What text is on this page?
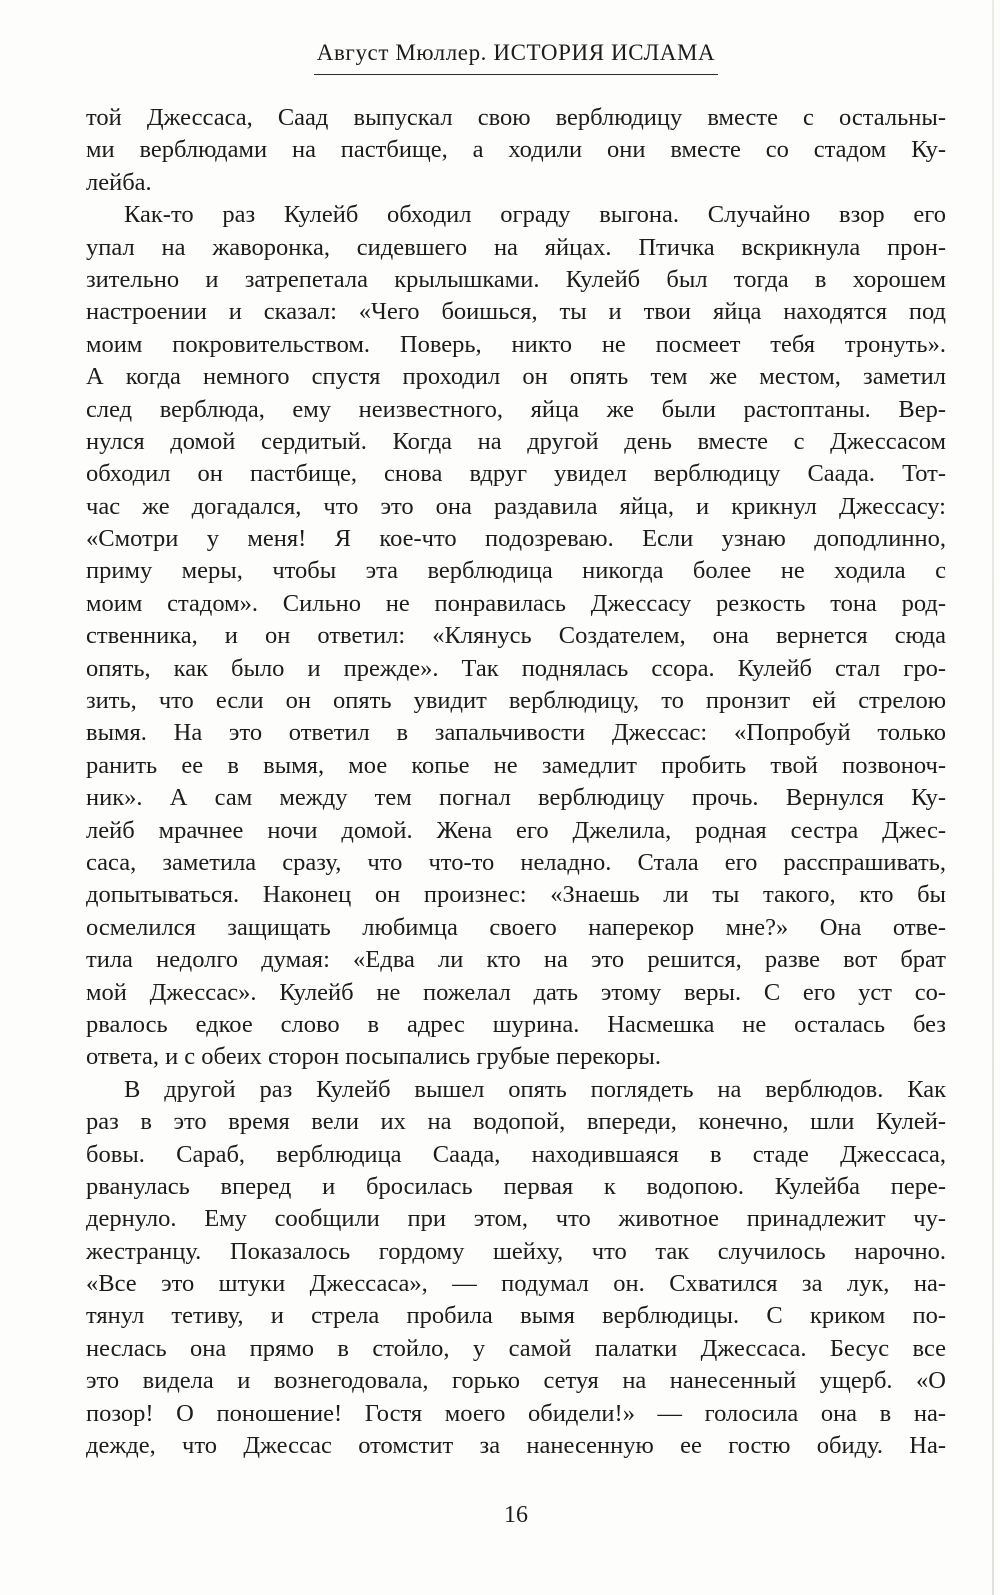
Август Мюллер. ИСТОРИЯ ИСЛАМА
той Джессаса, Саад выпускал свою верблюдицу вместе с остальны-
ми верблюдами на пастбище, а ходили они вместе со стадом Ку-
лейба.
Как-то раз Кулейб обходил ограду выгона. Случайно взор его
упал на жаворонка, сидевшего на яйцах. Птичка вскрикнула прон-
зительно и затрепетала крылышками. Кулейб был тогда в хорошем
настроении и сказал: «Чего боишься, ты и твои яйца находятся под
моим покровительством. Поверь, никто не посмеет тебя тронуть».
А когда немного спустя проходил он опять тем же местом, заметил
след верблюда, ему неизвестного, яйца же были растоптаны. Вер-
нулся домой сердитый. Когда на другой день вместе с Джессасом
обходил он пастбище, снова вдруг увидел верблюдицу Саада. Тот-
час же догадался, что это она раздавила яйца, и крикнул Джессасу:
«Смотри у меня! Я кое-что подозреваю. Если узнаю доподлинно,
приму меры, чтобы эта верблюдица никогда более не ходила с
моим стадом». Сильно не понравилась Джессасу резкость тона род-
ственника, и он ответил: «Клянусь Создателем, она вернется сюда
опять, как было и прежде». Так поднялась ссора. Кулейб стал гро-
зить, что если он опять увидит верблюдицу, то пронзит ей стрелою
вымя. На это ответил в запальчивости Джессас: «Попробуй только
ранить ее в вымя, мое копье не замедлит пробить твой позвоноч-
ник». А сам между тем погнал верблюдицу прочь. Вернулся Ку-
лейб мрачнее ночи домой. Жена его Джелила, родная сестра Джес-
саса, заметила сразу, что что-то неладно. Стала его расспрашивать,
допытываться. Наконец он произнес: «Знаешь ли ты такого, кто бы
осмелился защищать любимца своего наперекор мне?» Она отве-
тила недолго думая: «Едва ли кто на это решится, разве вот брат
мой Джессас». Кулейб не пожелал дать этому веры. С его уст со-
рвалось едкое слово в адрес шурина. Насмешка не осталась без
ответа, и с обеих сторон посыпались грубые перекоры.
В другой раз Кулейб вышел опять поглядеть на верблюдов. Как
раз в это время вели их на водопой, впереди, конечно, шли Кулей-
бовы. Сараб, верблюдица Саада, находившаяся в стаде Джессаса,
рванулась вперед и бросилась первая к водопою. Кулейба пере-
дернуло. Ему сообщили при этом, что животное принадлежит чу-
жестранцу. Показалось гордому шейху, что так случилось нарочно.
«Все это штуки Джессаса», — подумал он. Схватился за лук, на-
тянул тетиву, и стрела пробила вымя верблюдицы. С криком по-
неслась она прямо в стойло, у самой палатки Джессаса. Бесус все
это видела и вознегодовала, горько сетуя на нанесенный ущерб. «О
позор! О поношение! Гостя моего обидели!» — голосила она в на-
дежде, что Джессас отомстит за нанесенную ее гостю обиду. На-
16
